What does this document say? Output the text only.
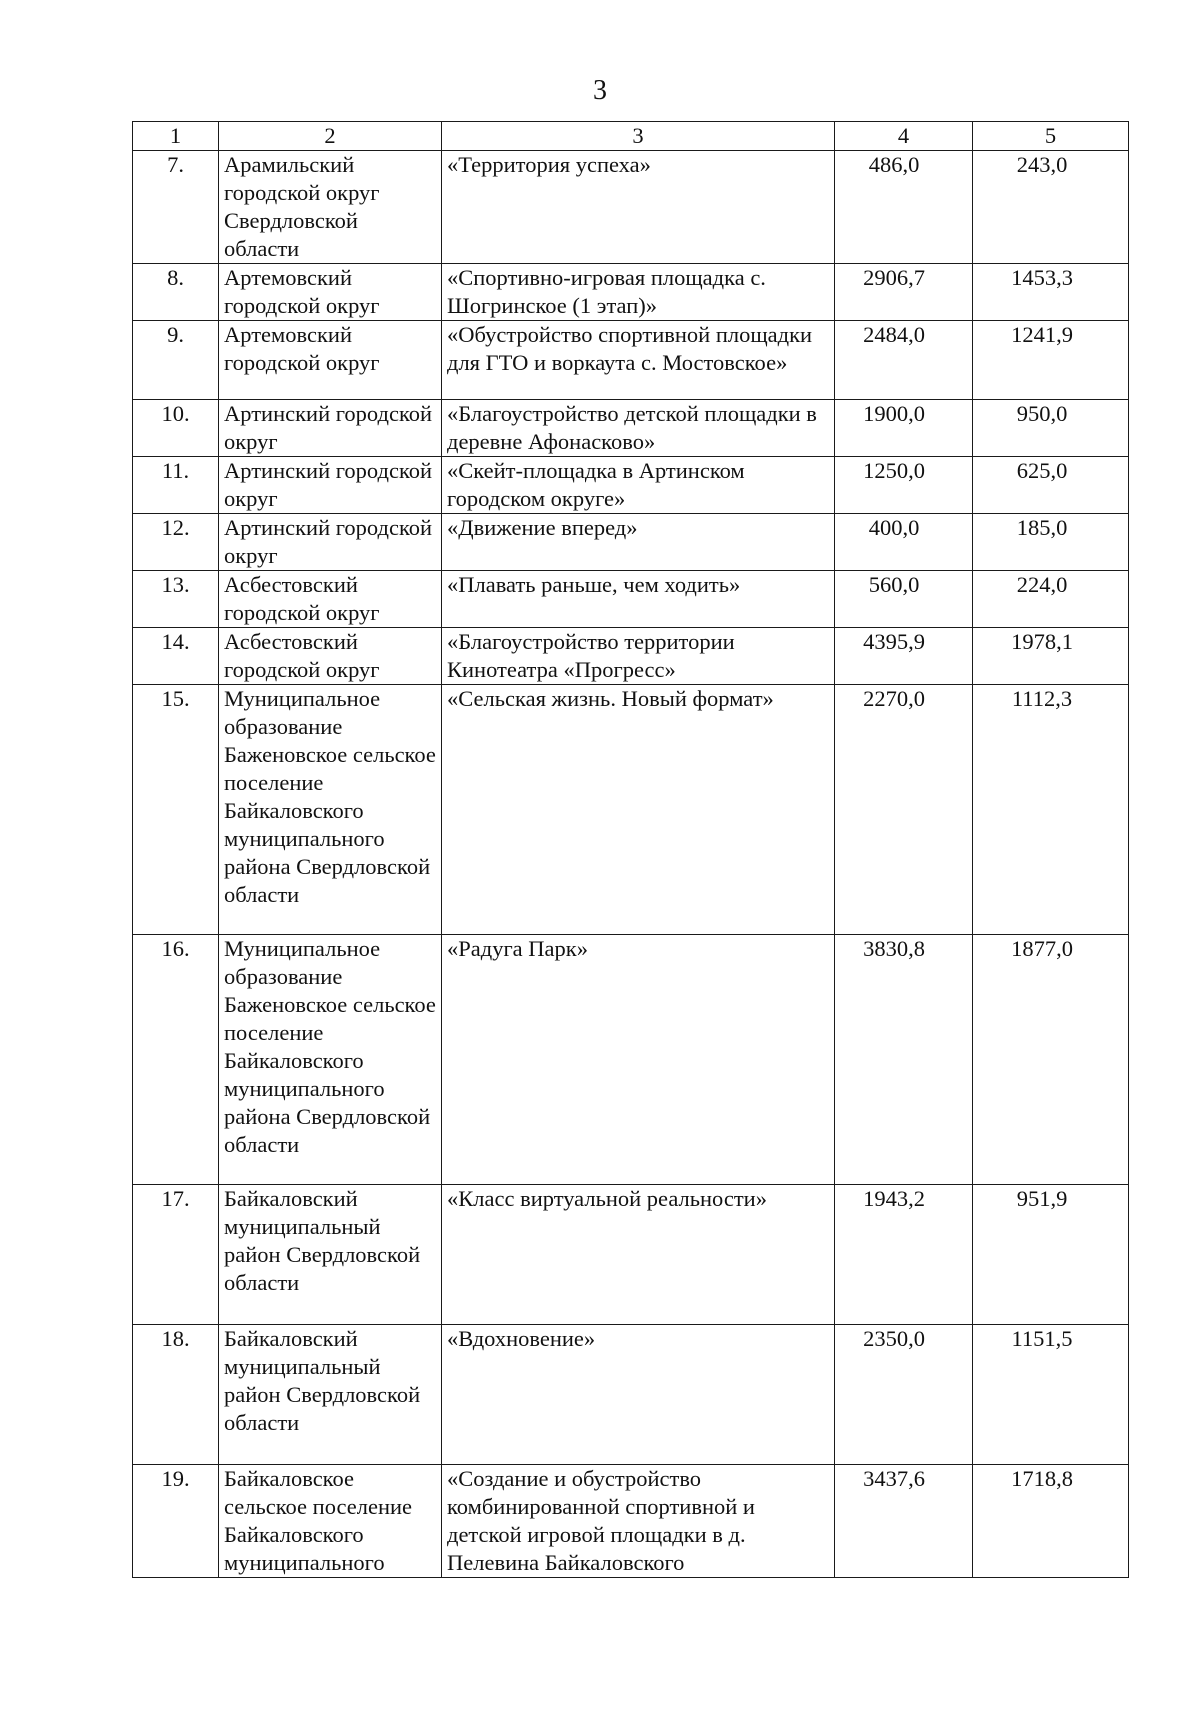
3
1	2	3	4	5
7.	Арамильский городской округ Свердловской области	«Территория успеха»	486,0	243,0
8.	Артемовский городской округ	«Спортивно-игровая площадка с. Шогринское (1 этап)»	2906,7	1453,3
9.	Артемовский городской округ	«Обустройство спортивной площадки для ГТО и воркаута с. Мостовское»	2484,0	1241,9
10.	Артинский городской округ	«Благоустройство детской площадки в деревне Афонасково»	1900,0	950,0
11.	Артинский городской округ	«Скейт-площадка в Артинском городском округе»	1250,0	625,0
12.	Артинский городской округ	«Движение вперед»	400,0	185,0
13.	Асбестовский городской округ	«Плавать раньше, чем ходить»	560,0	224,0
14.	Асбестовский городской округ	«Благоустройство территории Кинотеатра «Прогресс»	4395,9	1978,1
15.	Муниципальное образование Баженовское сельское поселение Байкаловского муниципального района Свердловской области	«Сельская жизнь. Новый формат»	2270,0	1112,3
16.	Муниципальное образование Баженовское сельское поселение Байкаловского муниципального района Свердловской области	«Радуга Парк»	3830,8	1877,0
17.	Байкаловский муниципальный район Свердловской области	«Класс виртуальной реальности»	1943,2	951,9
18.	Байкаловский муниципальный район Свердловской области	«Вдохновение»	2350,0	1151,5
19.	Байкаловское сельское поселение Байкаловского муниципального	«Создание и обустройство комбинированной спортивной и детской игровой площадки в д. Пелевина Байкаловского	3437,6	1718,8
